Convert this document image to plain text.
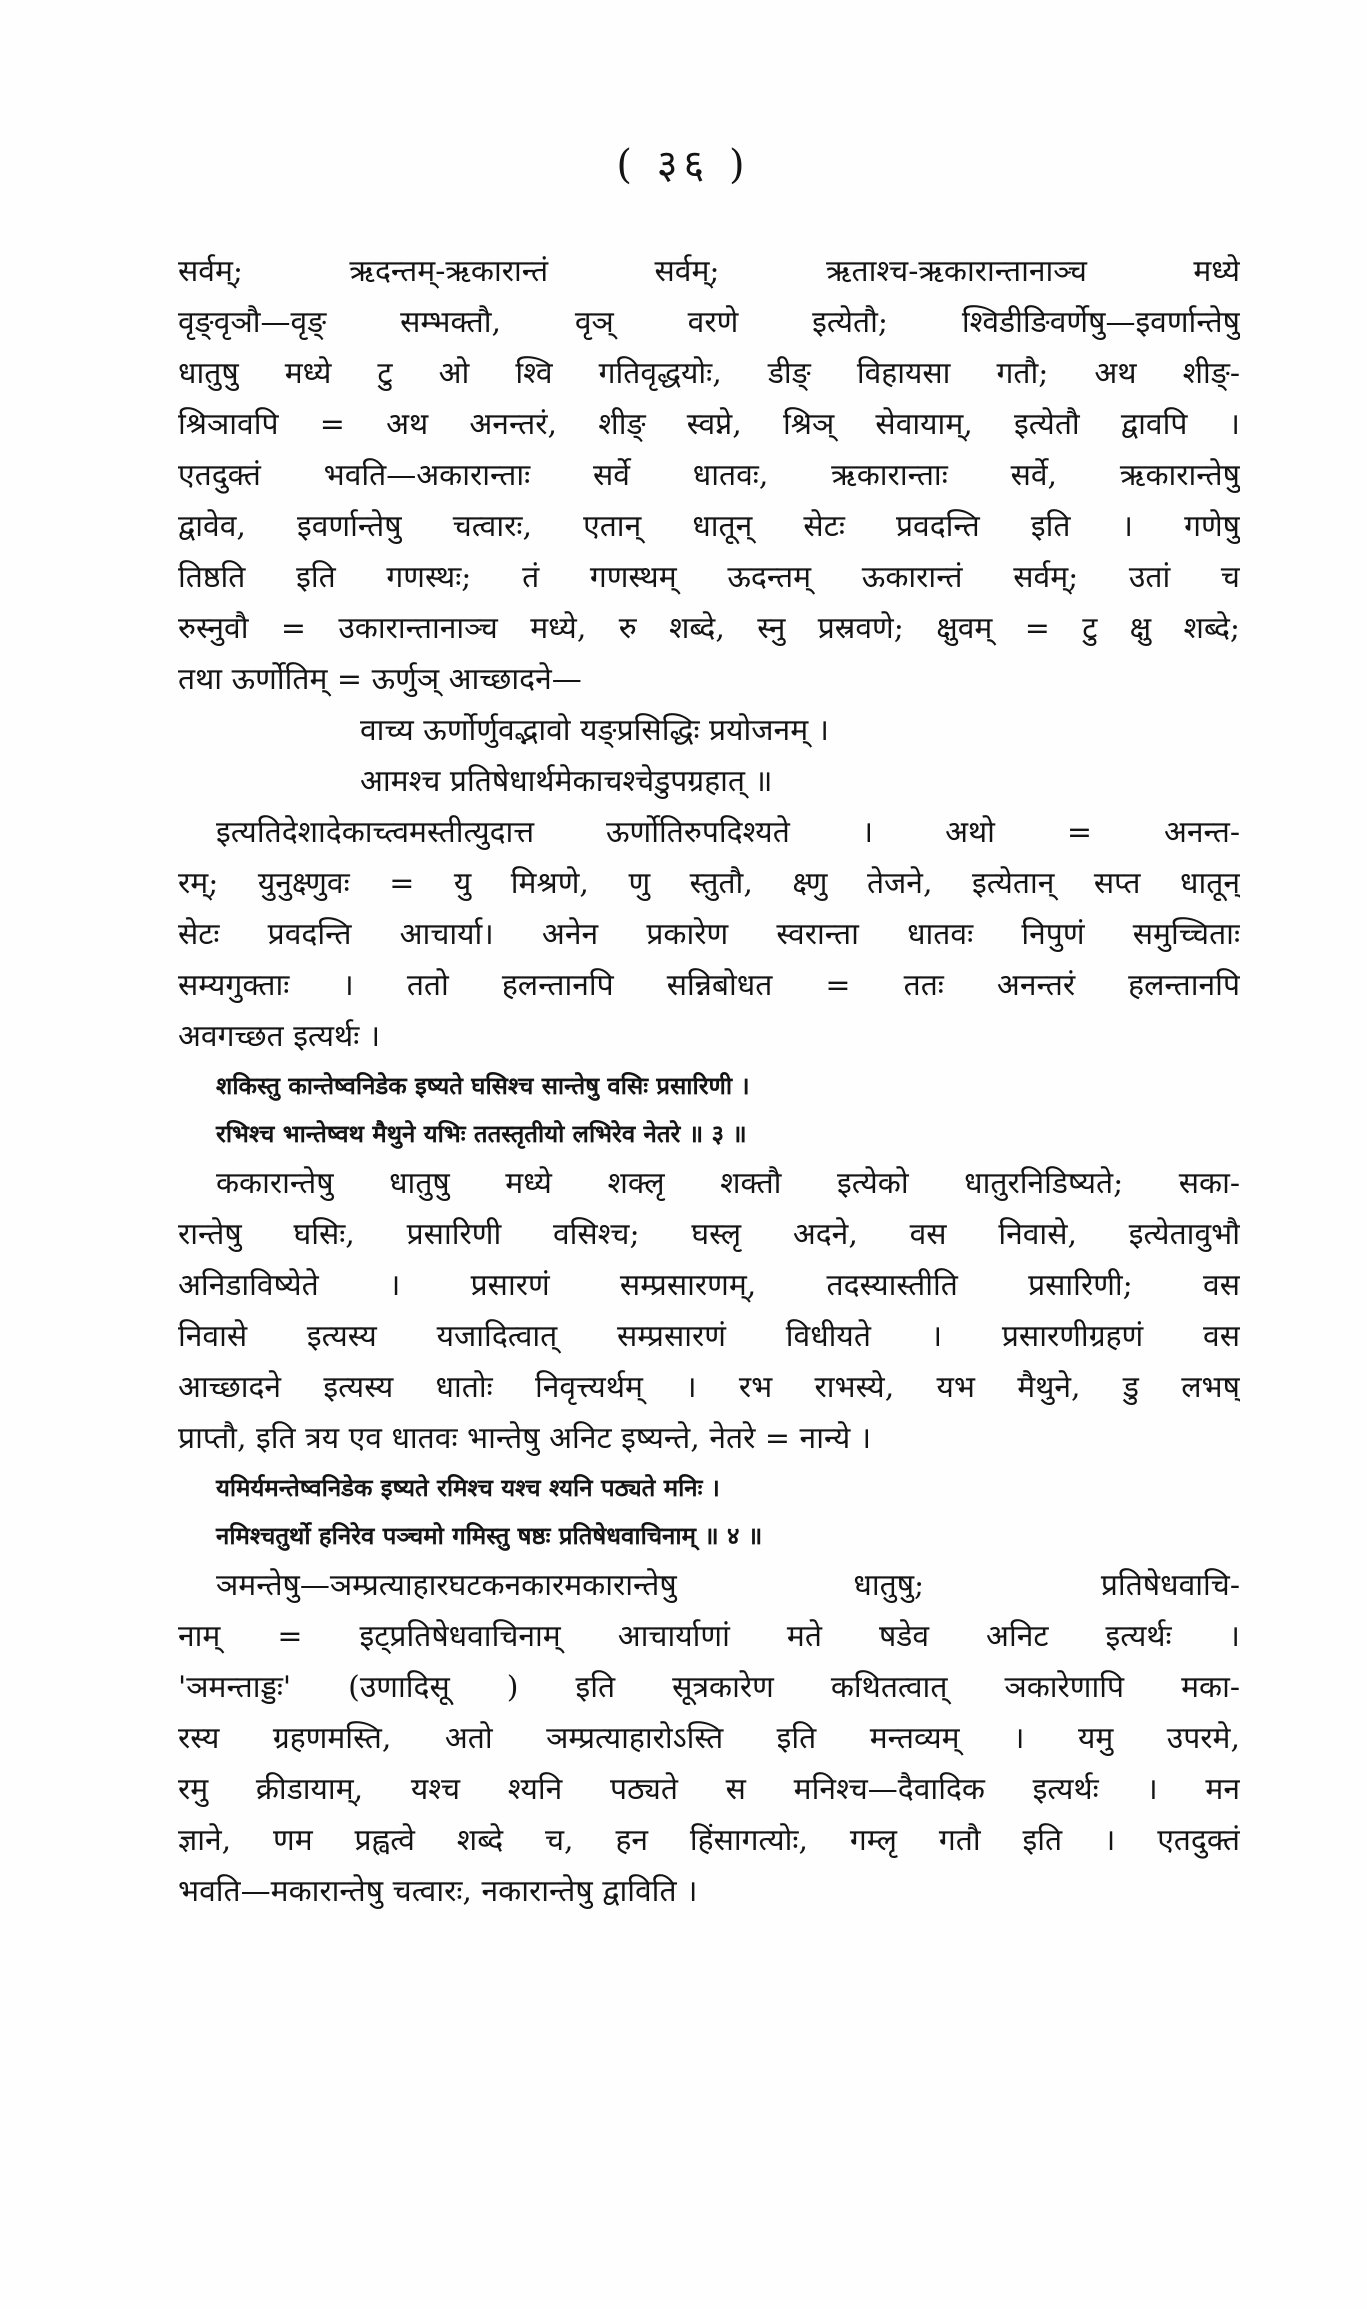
( ३६ )
सर्वम्; ऋदन्तम्-ऋकारान्तं सर्वम्; ऋताश्च-ऋकारान्तानाञ्च मध्ये
वृङ्वृञौ—वृङ् सम्भक्तौ, वृञ् वरणे इत्येतौ; श्विडीङिवर्णेषु—इवर्णान्तेषु
धातुषु मध्ये टु ओ श्वि गतिवृद्धयोः, डीङ् विहायसा गतौ; अथ शीङ्-
श्रिञावपि = अथ अनन्तरं, शीङ् स्वप्ने, श्रिञ् सेवायाम्, इत्येतौ द्वावपि ।
एतदुक्तं भवति—अकारान्ताः सर्वे धातवः, ऋकारान्ताः सर्वे, ऋकारान्तेषु
द्वावेव, इवर्णान्तेषु चत्वारः, एतान् धातून् सेटः प्रवदन्ति इति । गणेषु
तिष्ठति इति गणस्थः; तं गणस्थम् ऊदन्तम् ऊकारान्तं सर्वम्; उतां च
रुस्नुवौ = उकारान्तानाञ्च मध्ये, रु शब्दे, स्नु प्रस्रवणे; क्षुवम् = टु क्षु शब्दे;
तथा ऊर्णोतिम् = ऊर्णुञ् आच्छादने—
वाच्य ऊर्णोर्णुवद्भावो यङ्प्रसिद्धिः प्रयोजनम् ।
आमश्च प्रतिषेधार्थमेकाचश्चेडुपग्रहात् ॥
इत्यतिदेशादेकाच्त्वमस्तीत्युदात्त ऊर्णोतिरुपदिश्यते । अथो = अनन्त-
रम्; युनुक्ष्णुवः = यु मिश्रणे, णु स्तुतौ, क्ष्णु तेजने, इत्येतान् सप्त धातून्
सेटः प्रवदन्ति आचार्या। अनेन प्रकारेण स्वरान्ता धातवः निपुणं समुच्चिताः
सम्यगुक्ताः । ततो हलन्तानपि सन्निबोधत = ततः अनन्तरं हलन्तानपि
अवगच्छत इत्यर्थः ।
शकिस्तु कान्तेष्वनिडेक इष्यते घसिश्च सान्तेषु वसिः प्रसारिणी ।
रभिश्च भान्तेष्वथ मैथुने यभिः ततस्तृतीयो लभिरेव नेतरे ॥ ३ ॥
ककारान्तेषु धातुषु मध्ये शक्लृ शक्तौ इत्येको धातुरनिडिष्यते; सका-
रान्तेषु घसिः, प्रसारिणी वसिश्च; घस्लृ अदने, वस निवासे, इत्येतावुभौ
अनिडाविष्येते । प्रसारणं सम्प्रसारणम्, तदस्यास्तीति प्रसारिणी; वस
निवासे इत्यस्य यजादित्वात् सम्प्रसारणं विधीयते । प्रसारणीग्रहणं वस
आच्छादने इत्यस्य धातोः निवृत्त्यर्थम् । रभ राभस्ये, यभ मैथुने, डु लभष्
प्राप्तौ, इति त्रय एव धातवः भान्तेषु अनिट इष्यन्ते, नेतरे = नान्ये ।
यमिर्यमन्तेष्वनिडेक इष्यते रमिश्च यश्च श्यनि पठ्यते मनिः ।
नमिश्चतुर्थो हनिरेव पञ्चमो गमिस्तु षष्ठः प्रतिषेधवाचिनाम् ॥ ४ ॥
ञमन्तेषु—ञम्प्रत्याहारघटकनकारमकारान्तेषु धातुषु; प्रतिषेधवाचि-
नाम् = इट्प्रतिषेधवाचिनाम् आचार्याणां मते षडेव अनिट इत्यर्थः ।
'ञमन्ताड्डः' (उणादिसू ) इति सूत्रकारेण कथितत्वात् ञकारेणापि मका-
रस्य ग्रहणमस्ति, अतो ञम्प्रत्याहारोऽस्ति इति मन्तव्यम् । यमु उपरमे,
रमु क्रीडायाम्, यश्च श्यनि पठ्यते स मनिश्च—दैवादिक इत्यर्थः । मन
ज्ञाने, णम प्रह्वत्वे शब्दे च, हन हिंसागत्योः, गम्लृ गतौ इति । एतदुक्तं
भवति—मकारान्तेषु चत्वारः, नकारान्तेषु द्वाविति ।
